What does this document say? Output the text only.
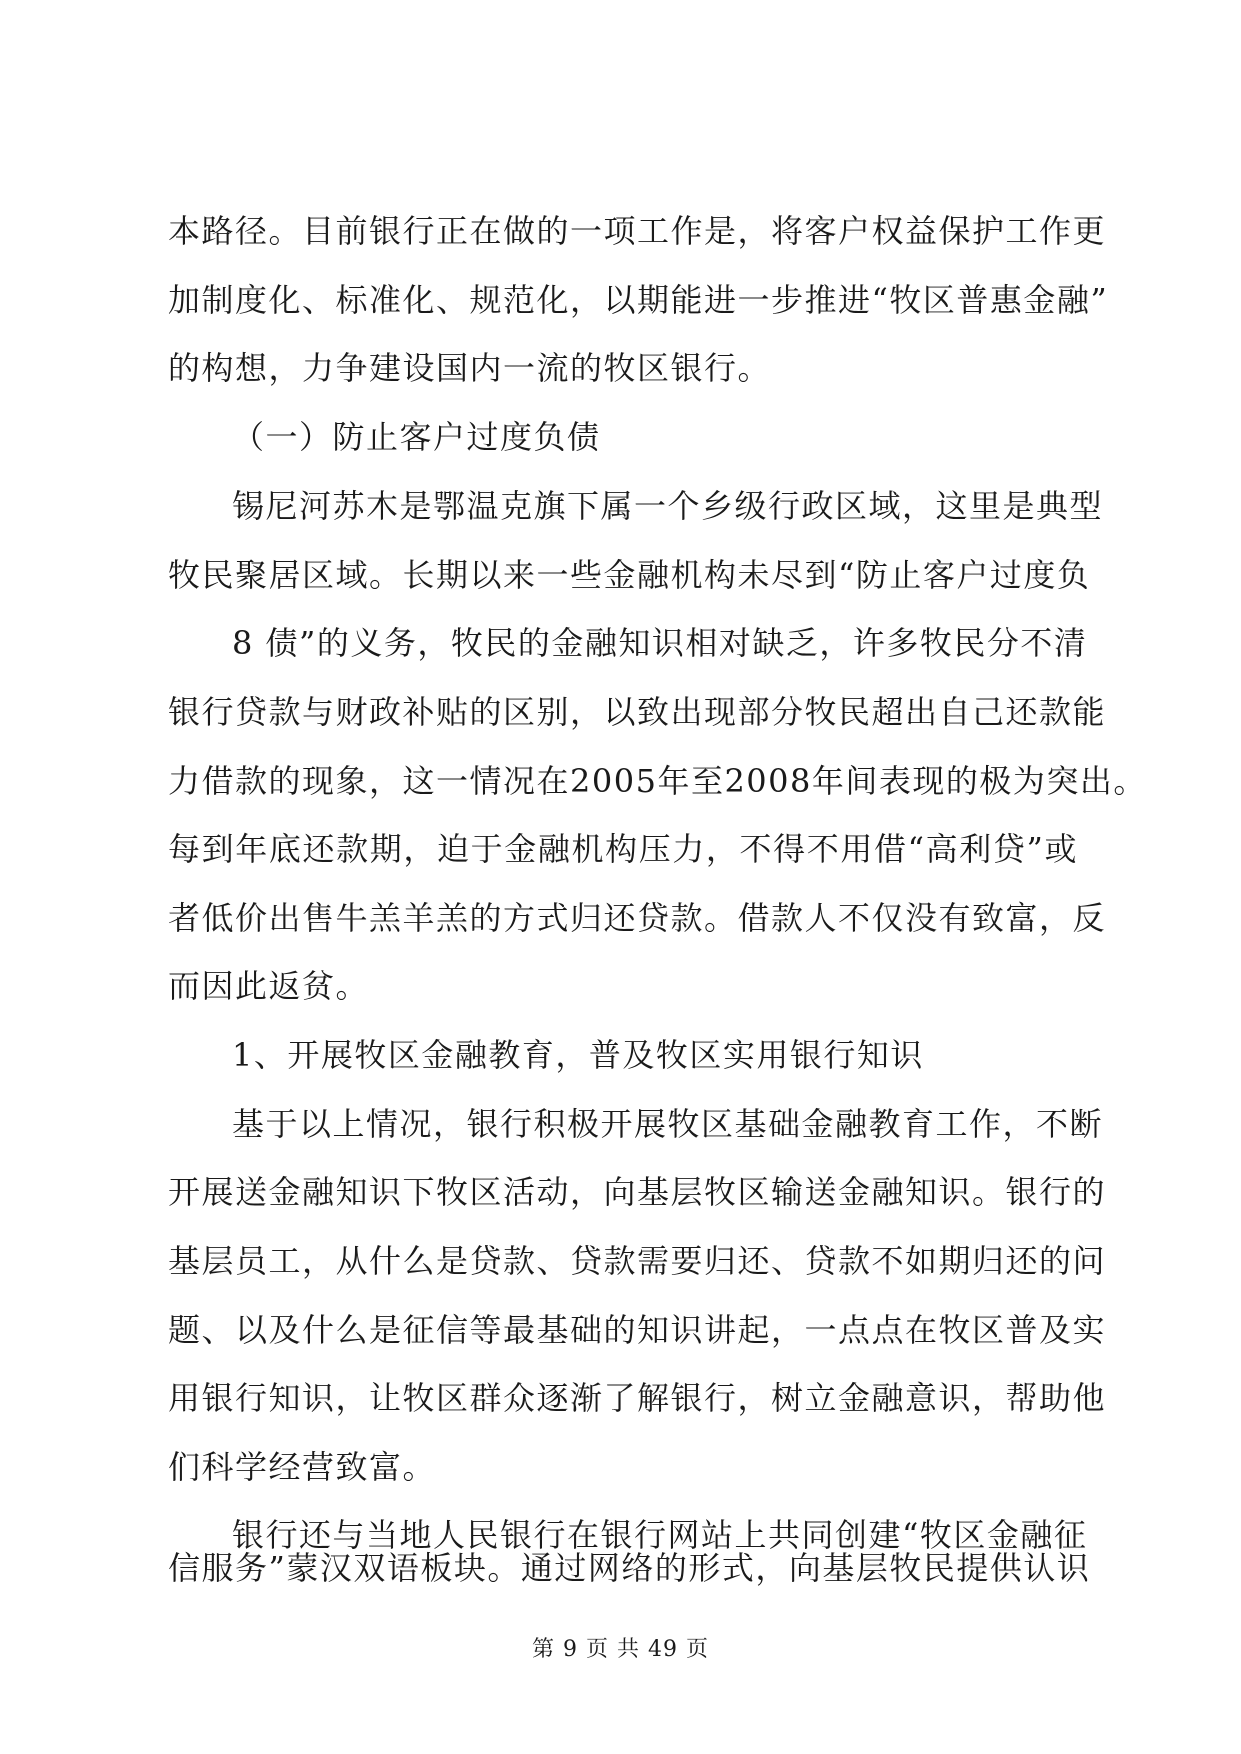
本路径。目前银行正在做的一项工作是，将客户权益保护工作更
加制度化、标准化、规范化，以期能进一步推进“牧区普惠金融”
的构想，力争建设国内一流的牧区银行。
（一）防止客户过度负债
锡尼河苏木是鄂温克旗下属一个乡级行政区域，这里是典型
牧民聚居区域。长期以来一些金融机构未尽到“防止客户过度负
8 债”的义务，牧民的金融知识相对缺乏，许多牧民分不清
银行贷款与财政补贴的区别，以致出现部分牧民超出自己还款能
力借款的现象，这一情况在2005年至2008年间表现的极为突出。
每到年底还款期，迫于金融机构压力，不得不用借“高利贷”或
者低价出售牛羔羊羔的方式归还贷款。借款人不仅没有致富，反
而因此返贫。
1、开展牧区金融教育，普及牧区实用银行知识
基于以上情况，银行积极开展牧区基础金融教育工作，不断
开展送金融知识下牧区活动，向基层牧区输送金融知识。银行的
基层员工，从什么是贷款、贷款需要归还、贷款不如期归还的问
题、以及什么是征信等最基础的知识讲起，一点点在牧区普及实
用银行知识，让牧区群众逐渐了解银行，树立金融意识，帮助他
们科学经营致富。
银行还与当地人民银行在银行网站上共同创建“牧区金融征
第 9 页 共 49 页
信服务”蒙汉双语板块。通过网络的形式，向基层牧民提供认识
